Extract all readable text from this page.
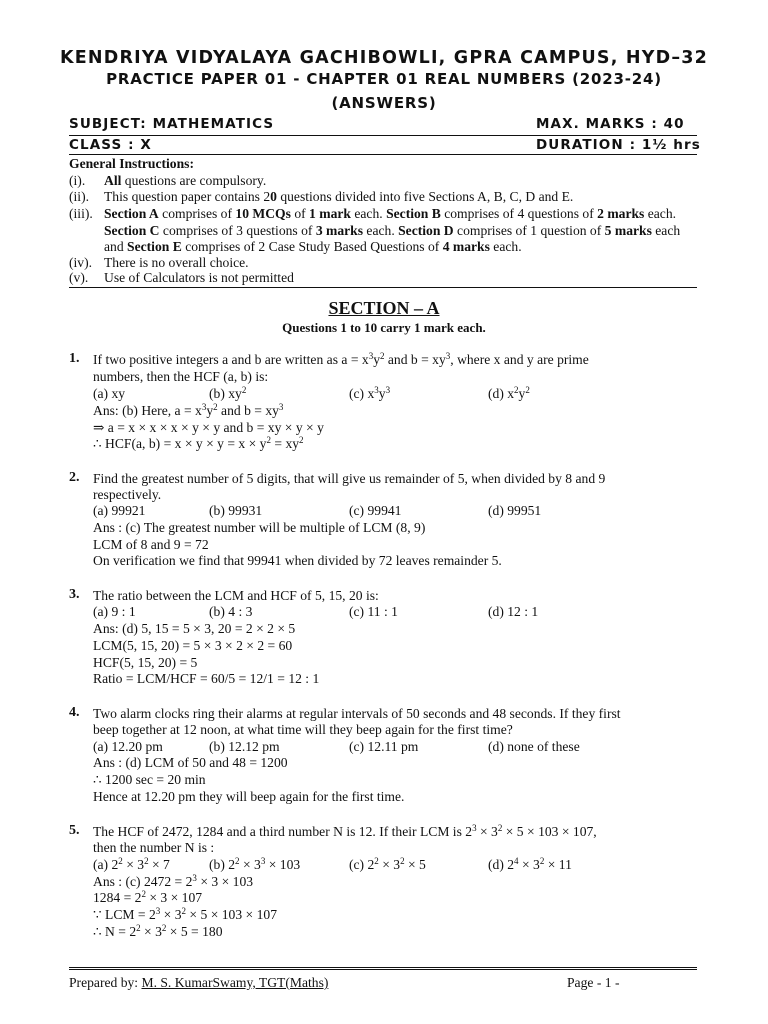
KENDRIYA VIDYALAYA GACHIBOWLI, GPRA CAMPUS, HYD–32
PRACTICE PAPER 01 - CHAPTER 01 REAL NUMBERS (2023-24)
(ANSWERS)
SUBJECT: MATHEMATICS	MAX. MARKS : 40
CLASS : X	DURATION : 1½ hrs
General Instructions:
(i). All questions are compulsory.
(ii). This question paper contains 20 questions divided into five Sections A, B, C, D and E.
(iii). Section A comprises of 10 MCQs of 1 mark each. Section B comprises of 4 questions of 2 marks each. Section C comprises of 3 questions of 3 marks each. Section D comprises of 1 question of 5 marks each and Section E comprises of 2 Case Study Based Questions of 4 marks each.
(iv). There is no overall choice.
(v). Use of Calculators is not permitted
SECTION – A
Questions 1 to 10 carry 1 mark each.
1. If two positive integers a and b are written as $a = x^3y^2$ and $b = xy^3$, where x and y are prime
numbers, then the HCF (a, b) is:
(a) xy	(b) $xy^2$	(c) $x^3y^3$	(d) $x^2y^2$
Ans: (b) Here, $a = x^3y^2$ and $b = xy^3$
⇒ a = x × x × x × y × y and b = xy × y × y
∴ HCF(a, $b) = x \times y \times y = x \times y^2 = xy^2$
2. Find the greatest number of 5 digits, that will give us remainder of 5, when divided by 8 and 9
respectively.
(a) 99921	(b) 99931	(c) 99941	(d) 99951
Ans : (c) The greatest number will be multiple of LCM (8, 9)
LCM of 8 and 9 = 72
On verification we find that 99941 when divided by 72 leaves remainder 5.
3. The ratio between the LCM and HCF of 5, 15, 20 is:
(a) 9 : 1	(b) 4 : 3	(c) 11 : 1	(d) 12 : 1
Ans: (d) 5, 15 = 5 × 3, 20 = 2 × 2 × 5
LCM(5, 15, 20) = 5 × 3 × 2 × 2 = 60
HCF(5, 15, 20) = 5
Ratio = LCM/HCF = 60/5 = 12/1 = 12 : 1
4. Two alarm clocks ring their alarms at regular intervals of 50 seconds and 48 seconds. If they first
beep together at 12 noon, at what time will they beep again for the first time?
(a) 12.20 pm	(b) 12.12 pm	(c) 12.11 pm	(d) none of these
Ans : (d) LCM of 50 and 48 = 1200
∴ 1200 sec = 20 min
Hence at 12.20 pm they will beep again for the first time.
5. The HCF of 2472, 1284 and a third number N is 12. If their LCM is $2^3 \times 3^2 \times 5 \times 103 \times 107$,
then the number N is :
(a) $2^2 \times 3^2 \times 7$	(b) $2^2 \times 3^3 \times 103$	(c) $2^2 \times 3^2 \times 5$	(d) $2^4 \times 3^2 \times 11$
Ans : (c) $2472 = 2^3 \times 3 \times 103$
$1284 = 2^2 \times 3 \times 107$
∵ LCM = $2^3 \times 3^2 \times 5 \times 103 \times 107$
∴ $N = 2^2 \times 3^2 \times 5 = 180$
Prepared by: M. S. KumarSwamy, TGT(Maths)	Page - 1 -
